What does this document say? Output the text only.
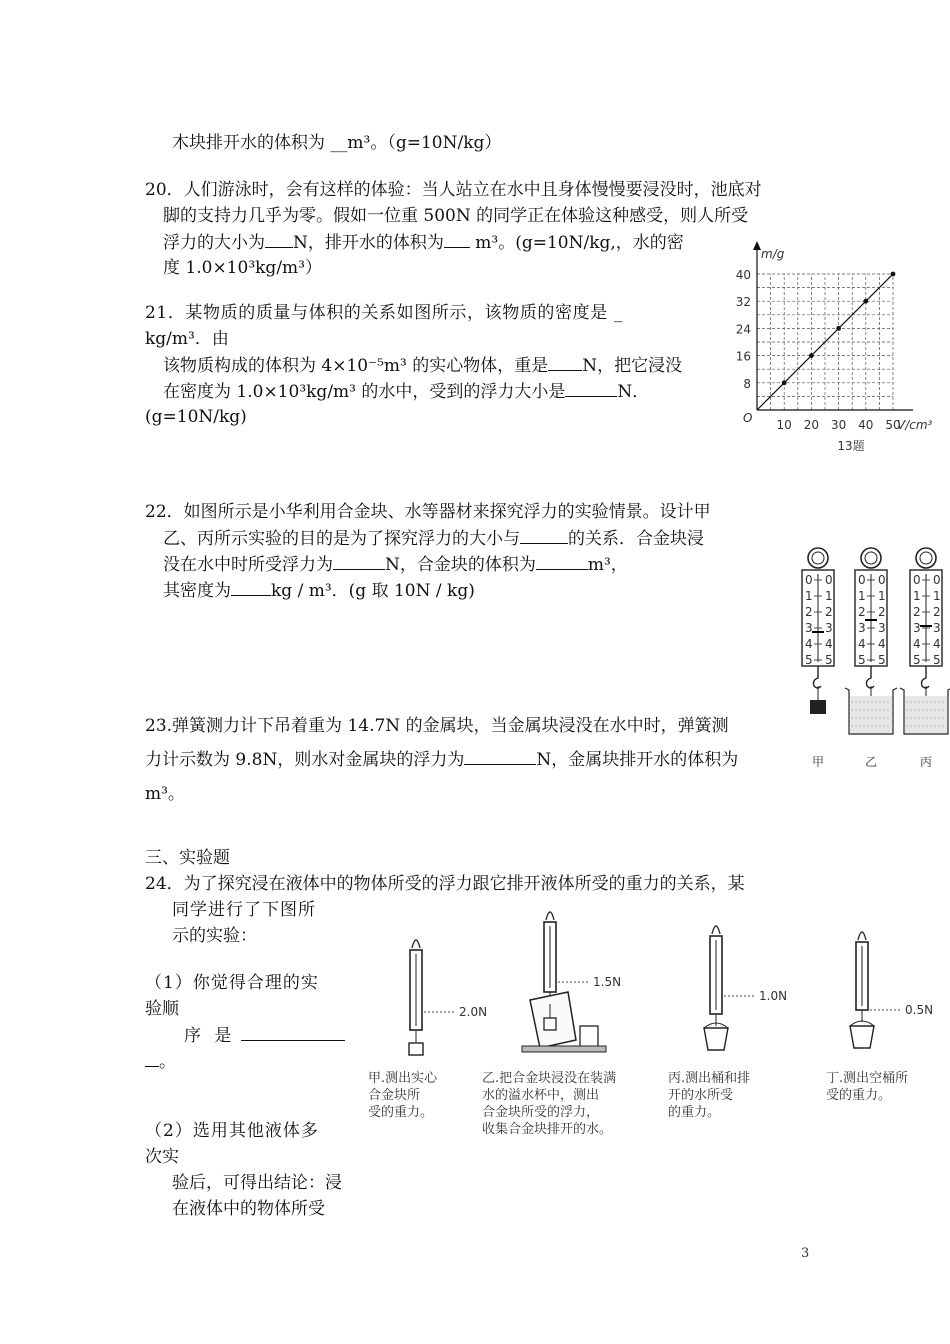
木块排开水的体积为 __m³。（g=10N/kg）
20．人们游泳时，会有这样的体验：当人站立在水中且身体慢慢要浸没时，池底对
脚的支持力几乎为零。假如一位重 500N 的同学正在体验这种感受，则人所受
浮力的大小为 N，排开水的体积为 m³。(g=10N/kg,，水的密
度 1.0×10³kg/m³）
21．某物质的质量与体积的关系如图所示，该物质的密度是 _
kg/m³．由
该物质构成的体积为 4×10⁻⁵m³ 的实心物体，重是 N，把它浸没
在密度为 1.0×10³kg/m³ 的水中，受到的浮力大小是	N．
(g=10N/kg)
8
16
24
32
40
10 20 30 40 50
O
m/g
V/cm³
13题
22．如图所示是小华利用合金块、水等器材来探究浮力的实验情景。设计甲
乙、丙所示实验的目的是为了探究浮力的大小与	的关系．合金块浸
没在水中时所受浮力为	N，合金块的体积为	m³，
其密度为 kg / m³．(g 取 10N / kg)
0 0
1 1
2 2
3 3
4 4
5 5
甲
0 0
1 1
2 2
3 3
4 4
5 5
乙
0 0
1 1
2 2
3 3
4 4
5 5
丙
23.弹簧测力计下吊着重为 14.7N 的金属块，当金属块浸没在水中时，弹簧测
力计示数为 9.8N，则水对金属块的浮力为	N，金属块排开水的体积为
m³。
三、实验题
24．为了探究浸在液体中的物体所受的浮力跟它排开液体所受的重力的关系，某
同学进行了下图所
示的实验：
（1）你觉得合理的实
验顺
序 是
。
（2）选用其他液体多
次实
验后，可得出结论：浸
在液体中的物体所受
2.0N
1.5N
1.0N
0.5N
甲.测出实心
合金块所
受的重力。
乙.把合金块浸没在装满
水的溢水杯中，测出
合金块所受的浮力，
收集合金块排开的水。
丙.测出桶和排
开的水所受
的重力。
丁.测出空桶所
受的重力。
3
